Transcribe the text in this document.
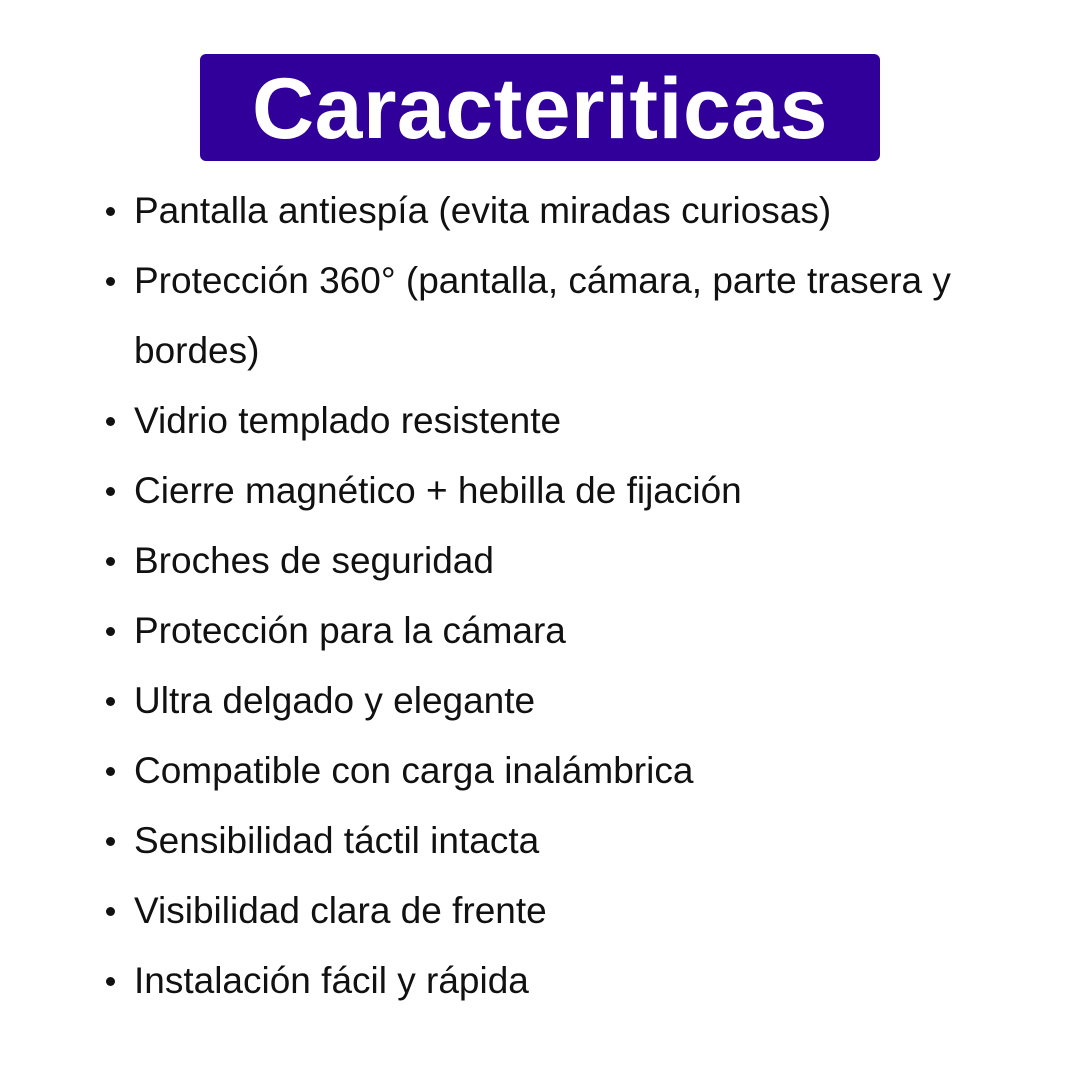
Caracteriticas
Pantalla antiespía (evita miradas curiosas)
Protección 360° (pantalla, cámara, parte trasera y bordes)
Vidrio templado resistente
Cierre magnético + hebilla de fijación
Broches de seguridad
Protección para la cámara
Ultra delgado y elegante
Compatible con carga inalámbrica
Sensibilidad táctil intacta
Visibilidad clara de frente
Instalación fácil y rápida
